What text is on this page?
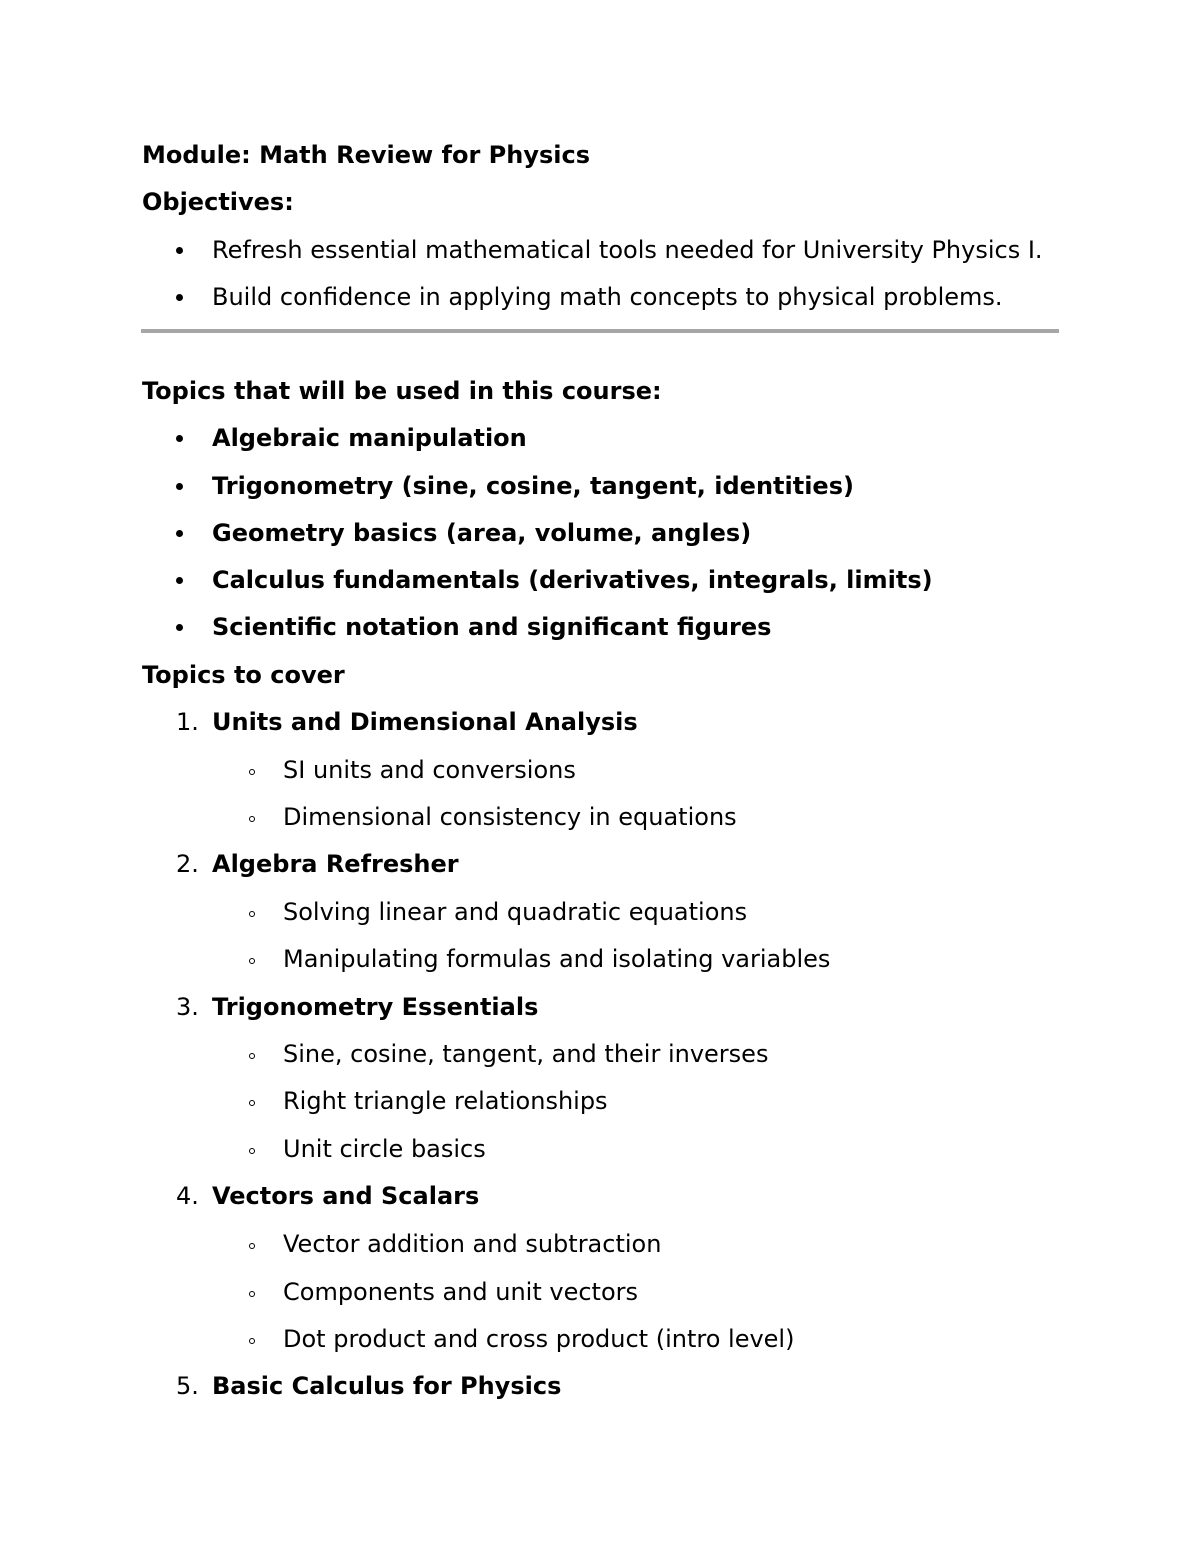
Module: Math Review for Physics
Objectives:
Refresh essential mathematical tools needed for University Physics I.
Build confidence in applying math concepts to physical problems.
Topics that will be used in this course:
Algebraic manipulation
Trigonometry (sine, cosine, tangent, identities)
Geometry basics (area, volume, angles)
Calculus fundamentals (derivatives, integrals, limits)
Scientific notation and significant figures
Topics to cover
1. Units and Dimensional Analysis
SI units and conversions
Dimensional consistency in equations
2. Algebra Refresher
Solving linear and quadratic equations
Manipulating formulas and isolating variables
3. Trigonometry Essentials
Sine, cosine, tangent, and their inverses
Right triangle relationships
Unit circle basics
4. Vectors and Scalars
Vector addition and subtraction
Components and unit vectors
Dot product and cross product (intro level)
5. Basic Calculus for Physics
